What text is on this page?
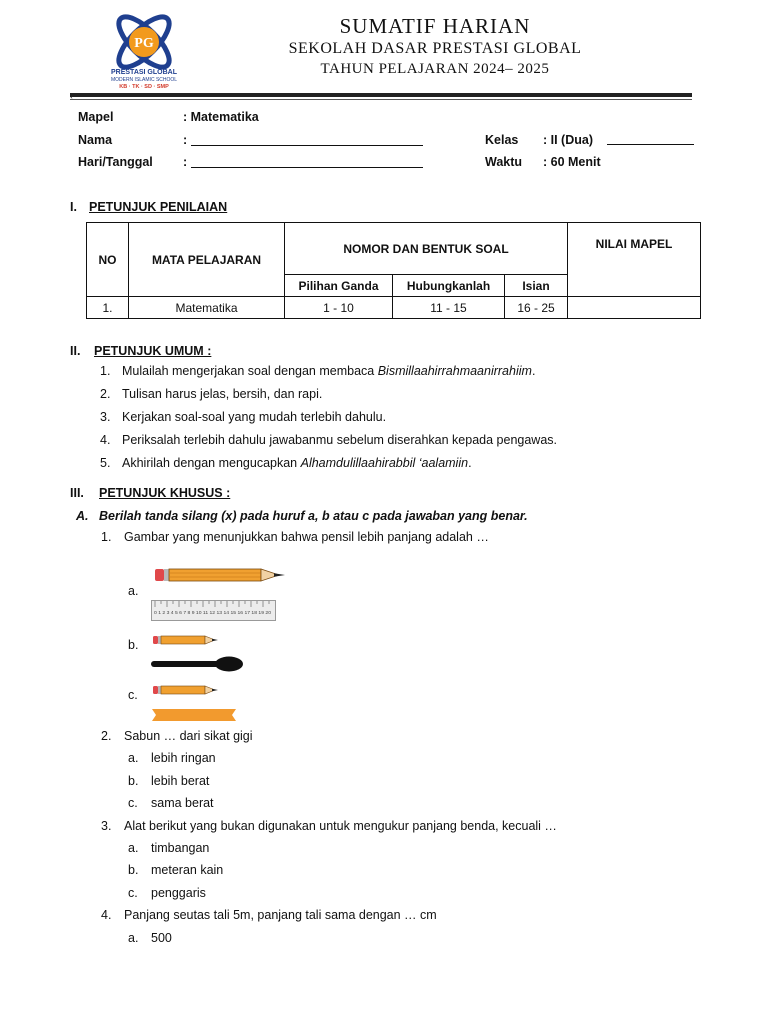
PG
PRESTASI GLOBAL
MODERN ISLAMIC SCHOOL
KB · TK · SD · SMP
SUMATIF HARIAN
SEKOLAH DASAR PRESTASI GLOBAL
TAHUN PELAJARAN 2024– 2025
`
Mapel	: Matematika
Nama	:
Hari/Tanggal :
Kelas : II (Dua)
Waktu : 60 Menit
I. PETUNJUK PENILAIAN
NO	MATA PELAJARAN	NOMOR DAN BENTUK SOAL			NILAI MAPEL
		Pilihan Ganda	Hubungkanlah	Isian	
1.	Matematika	1 - 10	11 - 15	16 - 25	
II. PETUNJUK UMUM :
1. Mulailah mengerjakan soal dengan membaca Bismillaahirrahmaanirrahiim.
2. Tulisan harus jelas, bersih, dan rapi.
3. Kerjakan soal-soal yang mudah terlebih dahulu.
4. Periksalah terlebih dahulu jawabanmu sebelum diserahkan kepada pengawas.
5. Akhirilah dengan mengucapkan Alhamdulillaahirabbil ‘aalamiin.
III. PETUNJUK KHUSUS :
A. Berilah tanda silang (x) pada huruf a, b atau c pada jawaban yang benar.
1. Gambar yang menunjukkan bahwa pensil lebih panjang adalah …
a.
0 1 2 3 4 5 6 7 8 9 10 11 12 13 14 15 16 17 18 19 20
b.
c.
2. Sabun … dari sikat gigi
a. lebih ringan
b. lebih berat
c. sama berat
3. Alat berikut yang bukan digunakan untuk mengukur panjang benda, kecuali …
a. timbangan
b. meteran kain
c. penggaris
4. Panjang seutas tali 5m, panjang tali sama dengan … cm
a. 500
